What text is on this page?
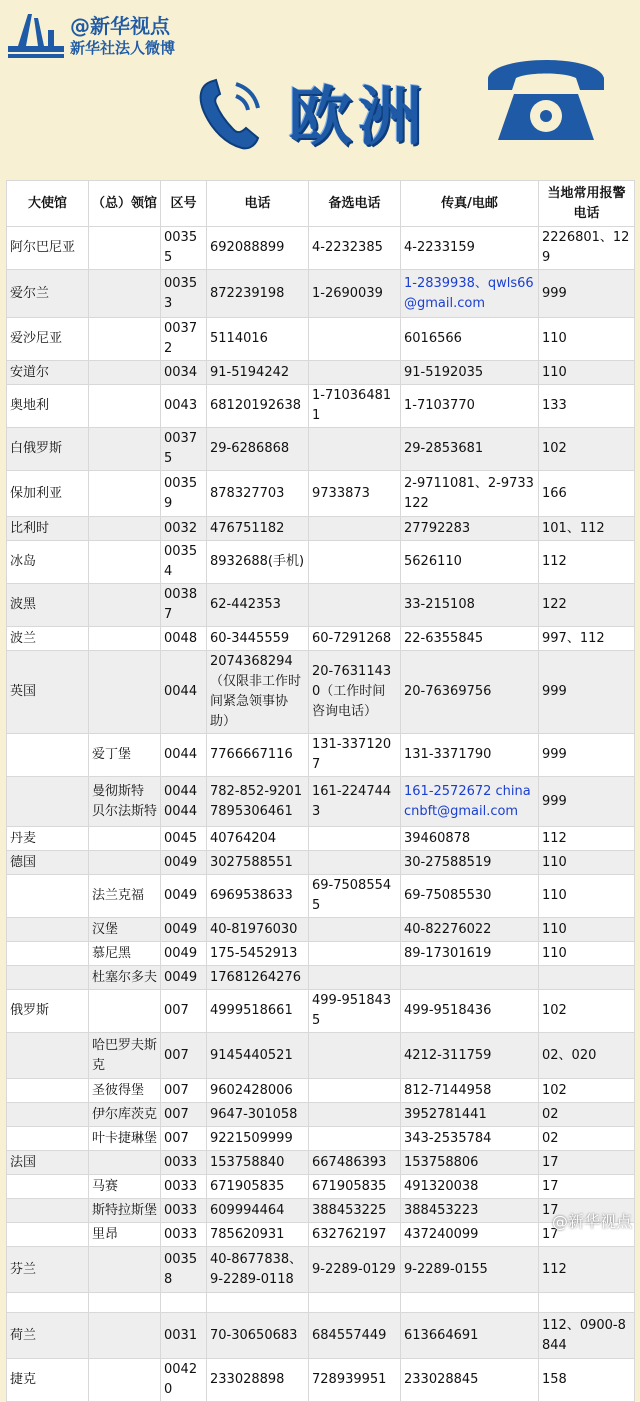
@新华视点
新华社法人微博
欧洲
大使馆	（总）领馆	区号	电话	备选电话	传真/电邮	当地常用报警电话
阿尔巴尼亚		00355	692088899	4-2232385	4-2233159	2226801、129
爱尔兰		00353	872239198	1-2690039	1-2839938、qwls66@gmail.com	999
爱沙尼亚		00372	5114016		6016566	110
安道尔		0034	91-5194242		91-5192035	110
奥地利		0043	68120192638	1-710364811	1-7103770	133
白俄罗斯		00375	29-6286868		29-2853681	102
保加利亚		00359	878327703	9733873	2-9711081、2-9733122	166
比利时		0032	476751182		27792283	101、112
冰岛		00354	8932688(手机)		5626110	112
波黑		00387	62-442353		33-215108	122
波兰		0048	60-3445559	60-7291268	22-6355845	997、112
英国		0044	2074368294（仅限非工作时间紧急领事协助）	20-76311430（工作时间咨询电话）	20-76369756	999
	爱丁堡	0044	7766667116	131-3371207	131-3371790	999
	曼彻斯特 贝尔法斯特	0044 0044	782-852-9201 7895306461	161-2247443	161-2572672 chinacnbft@gmail.com	999
丹麦		0045	40764204		39460878	112
德国		0049	3027588551		30-27588519	110
	法兰克福	0049	6969538633	69-75085545	69-75085530	110
	汉堡	0049	40-81976030		40-82276022	110
	慕尼黑	0049	175-5452913		89-17301619	110
	杜塞尔多夫	0049	17681264276			
俄罗斯		007	4999518661	499-9518435	499-9518436	102
	哈巴罗夫斯克	007	9145440521		4212-311759	02、020
	圣彼得堡	007	9602428006		812-7144958	102
	伊尔库茨克	007	9647-301058		3952781441	02
	叶卡捷琳堡	007	9221509999		343-2535784	02
法国		0033	153758840	667486393	153758806	17
	马赛	0033	671905835	671905835	491320038	17
	斯特拉斯堡	0033	609994464	388453225	388453223	17
	里昂	0033	785620931	632762197	437240099	17
芬兰		00358	40-8677838、9-2289-0118	9-2289-0129	9-2289-0155	112

荷兰		0031	70-30650683	684557449	613664691	112、0900-8844
捷克		00420	233028898	728939951	233028845	158
@新华视点
